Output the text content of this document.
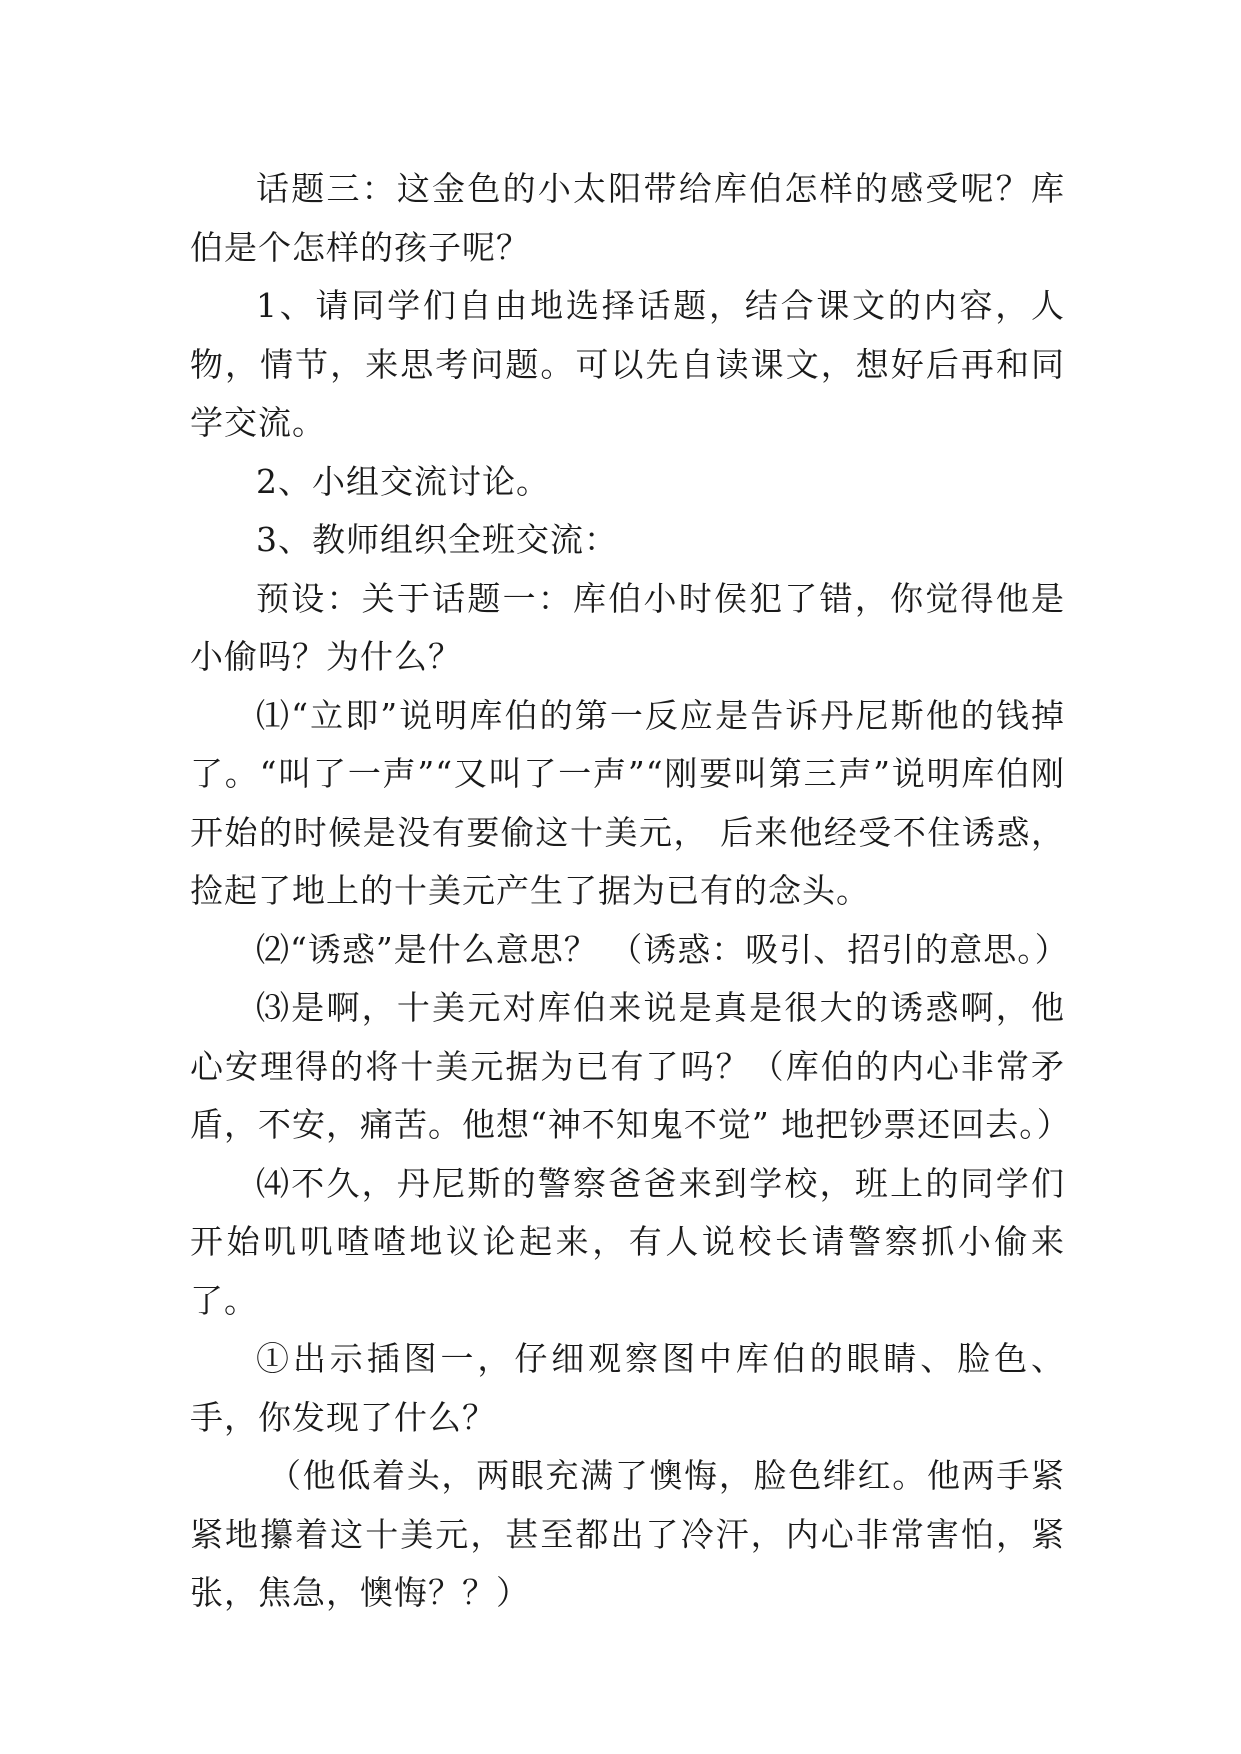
话题三：这金色的小太阳带给库伯怎样的感受呢？库伯是个怎样的孩子呢？

1、请同学们自由地选择话题，结合课文的内容，人物，情节，来思考问题。可以先自读课文，想好后再和同学交流。

2、小组交流讨论。

3、教师组织全班交流：

预设：关于话题一：库伯小时侯犯了错，你觉得他是小偷吗？为什么？

⑴“立即”说明库伯的第一反应是告诉丹尼斯他的钱掉了。“叫了一声”“又叫了一声”“刚要叫第三声”说明库伯刚开始的时候是没有要偷这十美元， 后来他经受不住诱惑，捡起了地上的十美元产生了据为已有的念头。

⑵“诱惑”是什么意思？ （诱惑：吸引、招引的意思。）

⑶是啊，十美元对库伯来说是真是很大的诱惑啊，他心安理得的将十美元据为已有了吗？（库伯的内心非常矛盾，不安，痛苦。他想“神不知鬼不觉” 地把钞票还回去。）

⑷不久，丹尼斯的警察爸爸来到学校，班上的同学们开始叽叽喳喳地议论起来，有人说校长请警察抓小偷来了。

①出示插图一，仔细观察图中库伯的眼睛、脸色、手，你发现了什么？

（他低着头，两眼充满了懊悔，脸色绯红。他两手紧紧地攥着这十美元，甚至都出了冷汗，内心非常害怕，紧张，焦急，懊悔？？）
